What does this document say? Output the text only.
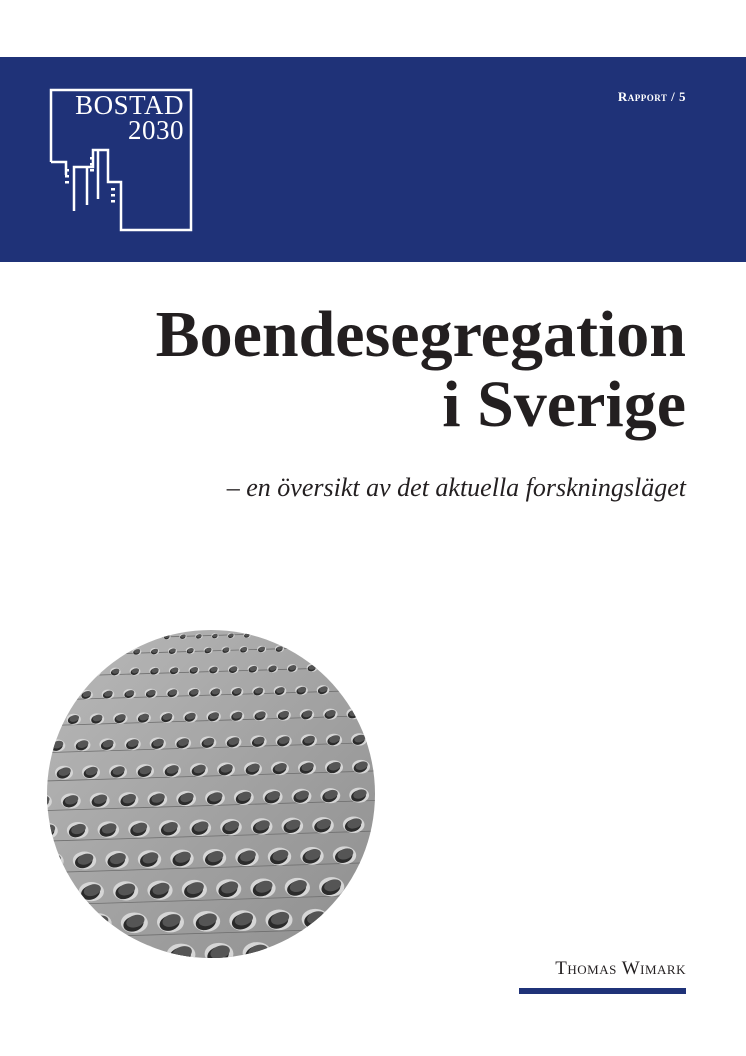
BOSTAD
2030
Rapport / 5
Boendesegregation
i Sverige
– en översikt av det aktuella forskningsläget
Thomas Wimark
